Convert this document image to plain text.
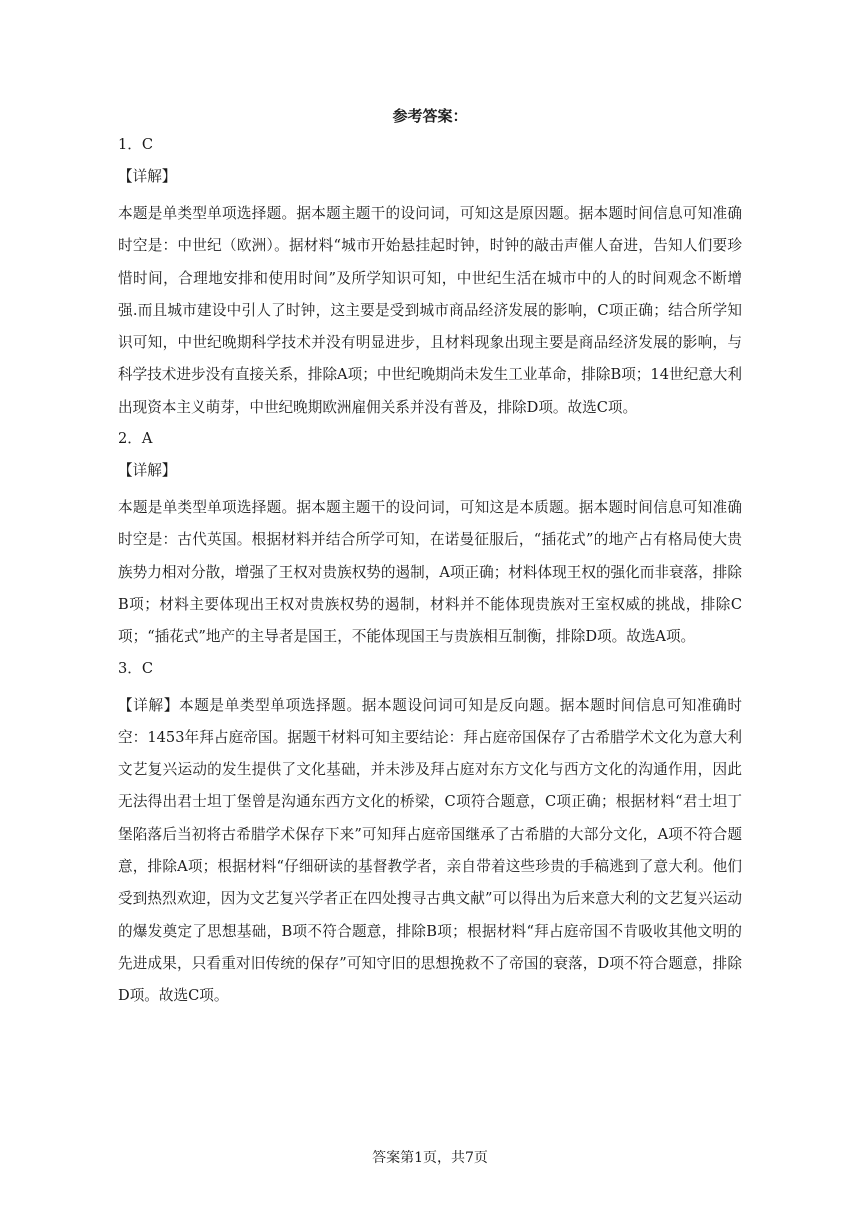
参考答案：
1．C
【详解】
本题是单类型单项选择题。据本题主题干的设问词，可知这是原因题。据本题时间信息可知准确时空是：中世纪（欧洲）。据材料“城市开始悬挂起时钟，时钟的敲击声催人奋进，告知人们要珍惜时间，合理地安排和使用时间”及所学知识可知，中世纪生活在城市中的人的时间观念不断增强.而且城市建设中引人了时钟，这主要是受到城市商品经济发展的影响，C项正确；结合所学知识可知，中世纪晚期科学技术并没有明显进步，且材料现象出现主要是商品经济发展的影响，与科学技术进步没有直接关系，排除A项；中世纪晚期尚未发生工业革命，排除B项；14世纪意大利出现资本主义萌芽，中世纪晚期欧洲雇佣关系并没有普及，排除D项。故选C项。
2．A
【详解】
本题是单类型单项选择题。据本题主题干的设问词，可知这是本质题。据本题时间信息可知准确时空是：古代英国。根据材料并结合所学可知，在诺曼征服后，“插花式”的地产占有格局使大贵族势力相对分散，增强了王权对贵族权势的遏制，A项正确；材料体现王权的强化而非衰落，排除B项；材料主要体现出王权对贵族权势的遏制，材料并不能体现贵族对王室权威的挑战，排除C项；“插花式”地产的主导者是国王，不能体现国王与贵族相互制衡，排除D项。故选A项。
3．C
【详解】本题是单类型单项选择题。据本题设问词可知是反向题。据本题时间信息可知准确时空：1453年拜占庭帝国。据题干材料可知主要结论：拜占庭帝国保存了古希腊学术文化为意大利文艺复兴运动的发生提供了文化基础，并未涉及拜占庭对东方文化与西方文化的沟通作用，因此无法得出君士坦丁堡曾是沟通东西方文化的桥梁，C项符合题意，C项正确；根据材料“君士坦丁堡陷落后当初将古希腊学术保存下来”可知拜占庭帝国继承了古希腊的大部分文化，A项不符合题意，排除A项；根据材料“仔细研读的基督教学者，亲自带着这些珍贵的手稿逃到了意大利。他们受到热烈欢迎，因为文艺复兴学者正在四处搜寻古典文献”可以得出为后来意大利的文艺复兴运动的爆发奠定了思想基础，B项不符合题意，排除B项；根据材料“拜占庭帝国不肯吸收其他文明的先进成果，只看重对旧传统的保存”可知守旧的思想挽救不了帝国的衰落，D项不符合题意，排除D项。故选C项。
答案第1页，共7页
